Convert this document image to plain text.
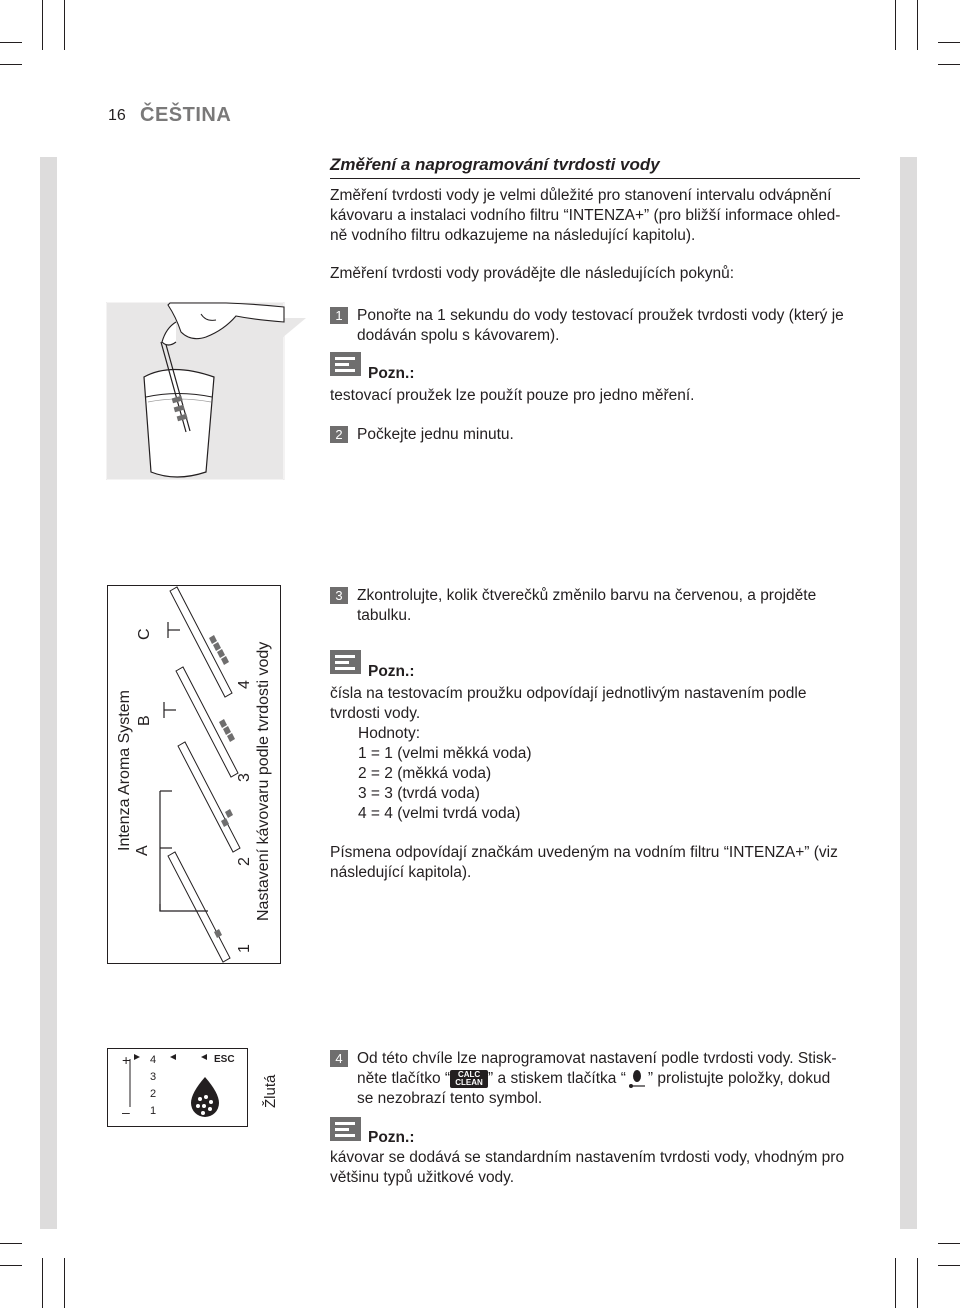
16 ČEŠTINA
Změření a naprogramování tvrdosti vody
Změření tvrdosti vody je velmi důležité pro stanovení intervalu odvápnění
kávovaru a instalaci vodního filtru “INTENZA+” (pro bližší informace ohled-
ně vodního filtru odkazujeme na následující kapitolu).
Změření tvrdosti vody provádějte dle následujících pokynů:
1 Ponořte na 1 sekundu do vody testovací proužek tvrdosti vody (který je
dodáván spolu s kávovarem).
Pozn.:
testovací proužek lze použít pouze pro jedno měření.
2 Počkejte jednu minutu.
Intenza Aroma System A
B
C
1
2
3
4 Nastavení kávovaru podle tvrdosti vody
3 Zkontrolujte, kolik čtverečků změnilo barvu na červenou, a projděte
tabulku.
Pozn.:
čísla na testovacím proužku odpovídají jednotlivým nastavením podle
tvrdosti vody.
Hodnoty:
1 = 1 (velmi měkká voda)
2 = 2 (měkká voda)
3 = 3 (tvrdá voda)
4 = 4 (velmi tvrdá voda)
Písmena odpovídají značkám uvedeným na vodním filtru “INTENZA+” (viz
následující kapitola).
+
–
4
3
2
1
ESC
Žlutá
4 Od této chvíle lze naprogramovat nastavení podle tvrdosti vody. Stisk-
něte tlačítko “ CALC
CLEAN ” a stiskem tlačítka “ ” prolistujte položky, dokud
se nezobrazí tento symbol.
Pozn.:
kávovar se dodává se standardním nastavením tvrdosti vody, vhodným pro
většinu typů užitkové vody.
